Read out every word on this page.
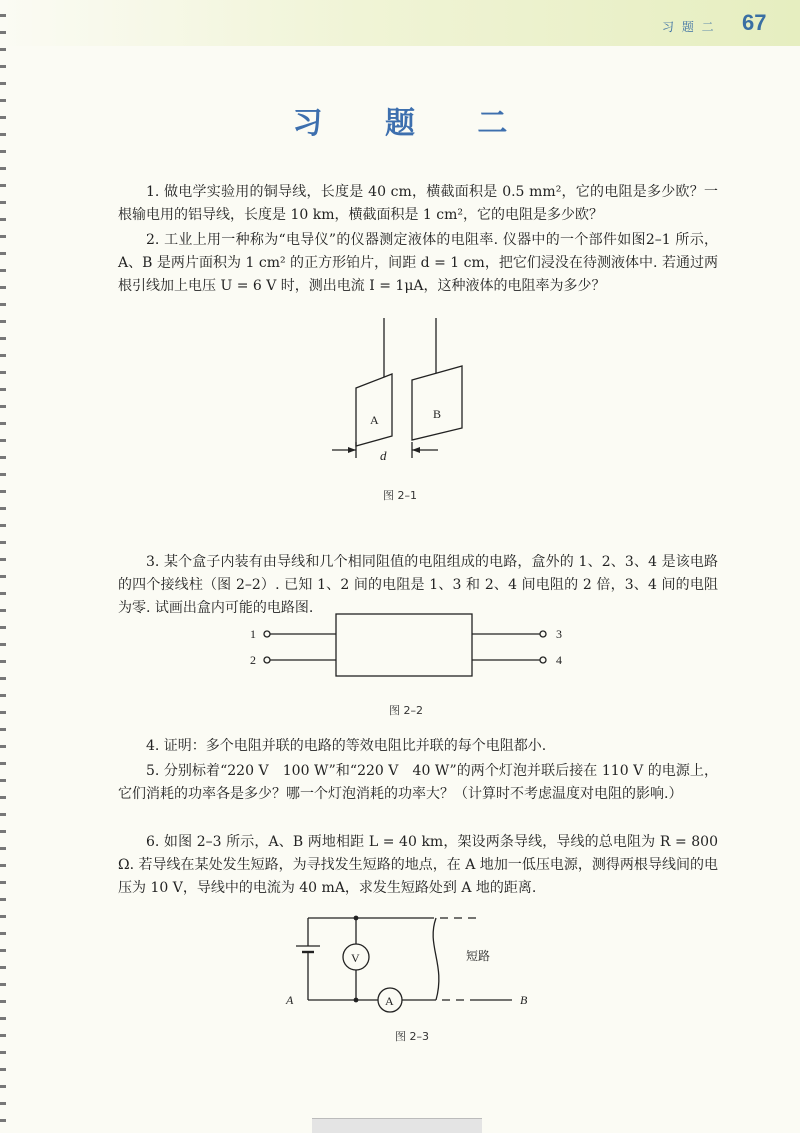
习 题 二 67
习 题 二

1. 做电学实验用的铜导线，长度是 40 cm，横截面积是 0.5 mm²，它的电阻是多少欧？一根输电用的铝导线，长度是 10 km，横截面积是 1 cm²，它的电阻是多少欧？

2. 工业上用一种称为“电导仪”的仪器测定液体的电阻率. 仪器中的一个部件如图2–1 所示，A、B 是两片面积为 1 cm² 的正方形铂片，间距 d = 1 cm，把它们浸没在待测液体中. 若通过两根引线加上电压 U = 6 V 时，测出电流 I = 1μA，这种液体的电阻率为多少？

A	B
d
图 2–1

3. 某个盒子内装有由导线和几个相同阻值的电阻组成的电路，盒外的 1、2、3、4 是该电路的四个接线柱（图 2–2）. 已知 1、2 间的电阻是 1、3 和 2、4 间电阻的 2 倍，3、4 间的电阻为零. 试画出盒内可能的电路图.

1
2
3
4
图 2–2

4. 证明：多个电阻并联的电路的等效电阻比并联的每个电阻都小.

5. 分别标着“220 V　100 W”和“220 V　40 W”的两个灯泡并联后接在 110 V 的电源上，它们消耗的功率各是多少？哪一个灯泡消耗的功率大？（计算时不考虑温度对电阻的影响.）

6. 如图 2–3 所示，A、B 两地相距 L = 40 km，架设两条导线，导线的总电阻为 R = 800 Ω. 若导线在某处发生短路，为寻找发生短路的地点，在 A 地加一低压电源，测得两根导线间的电压为 10 V，导线中的电流为 40 mA，求发生短路处到 A 地的距离.

V
A
短路
A	B
图 2–3
